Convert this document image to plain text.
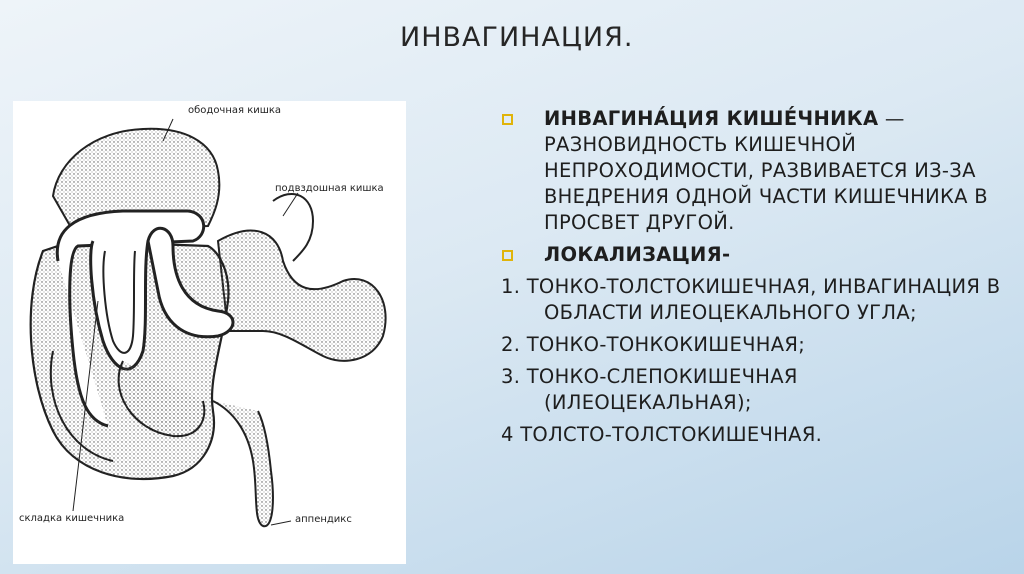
ИНВАГИНАЦИЯ.
ободочная кишка
подвздошная кишка
складка кишечника	аппендикс
ИНВАГИНА́ЦИЯ КИШЕ́ЧНИКА — РАЗНОВИДНОСТЬ КИШЕЧНОЙ НЕПРОХОДИМОСТИ, РАЗВИВАЕТСЯ ИЗ-ЗА ВНЕДРЕНИЯ ОДНОЙ ЧАСТИ КИШЕЧНИКА В ПРОСВЕТ ДРУГОЙ.
ЛОКАЛИЗАЦИЯ-
1. ТОНКО-ТОЛСТОКИШЕЧНАЯ, ИНВАГИНАЦИЯ В ОБЛАСТИ ИЛЕОЦЕКАЛЬНОГО УГЛА;
2. ТОНКО-ТОНКОКИШЕЧНАЯ;
3. ТОНКО-СЛЕПОКИШЕЧНАЯ (ИЛЕОЦЕКАЛЬНАЯ);
4 ТОЛСТО-ТОЛСТОКИШЕЧНАЯ.
